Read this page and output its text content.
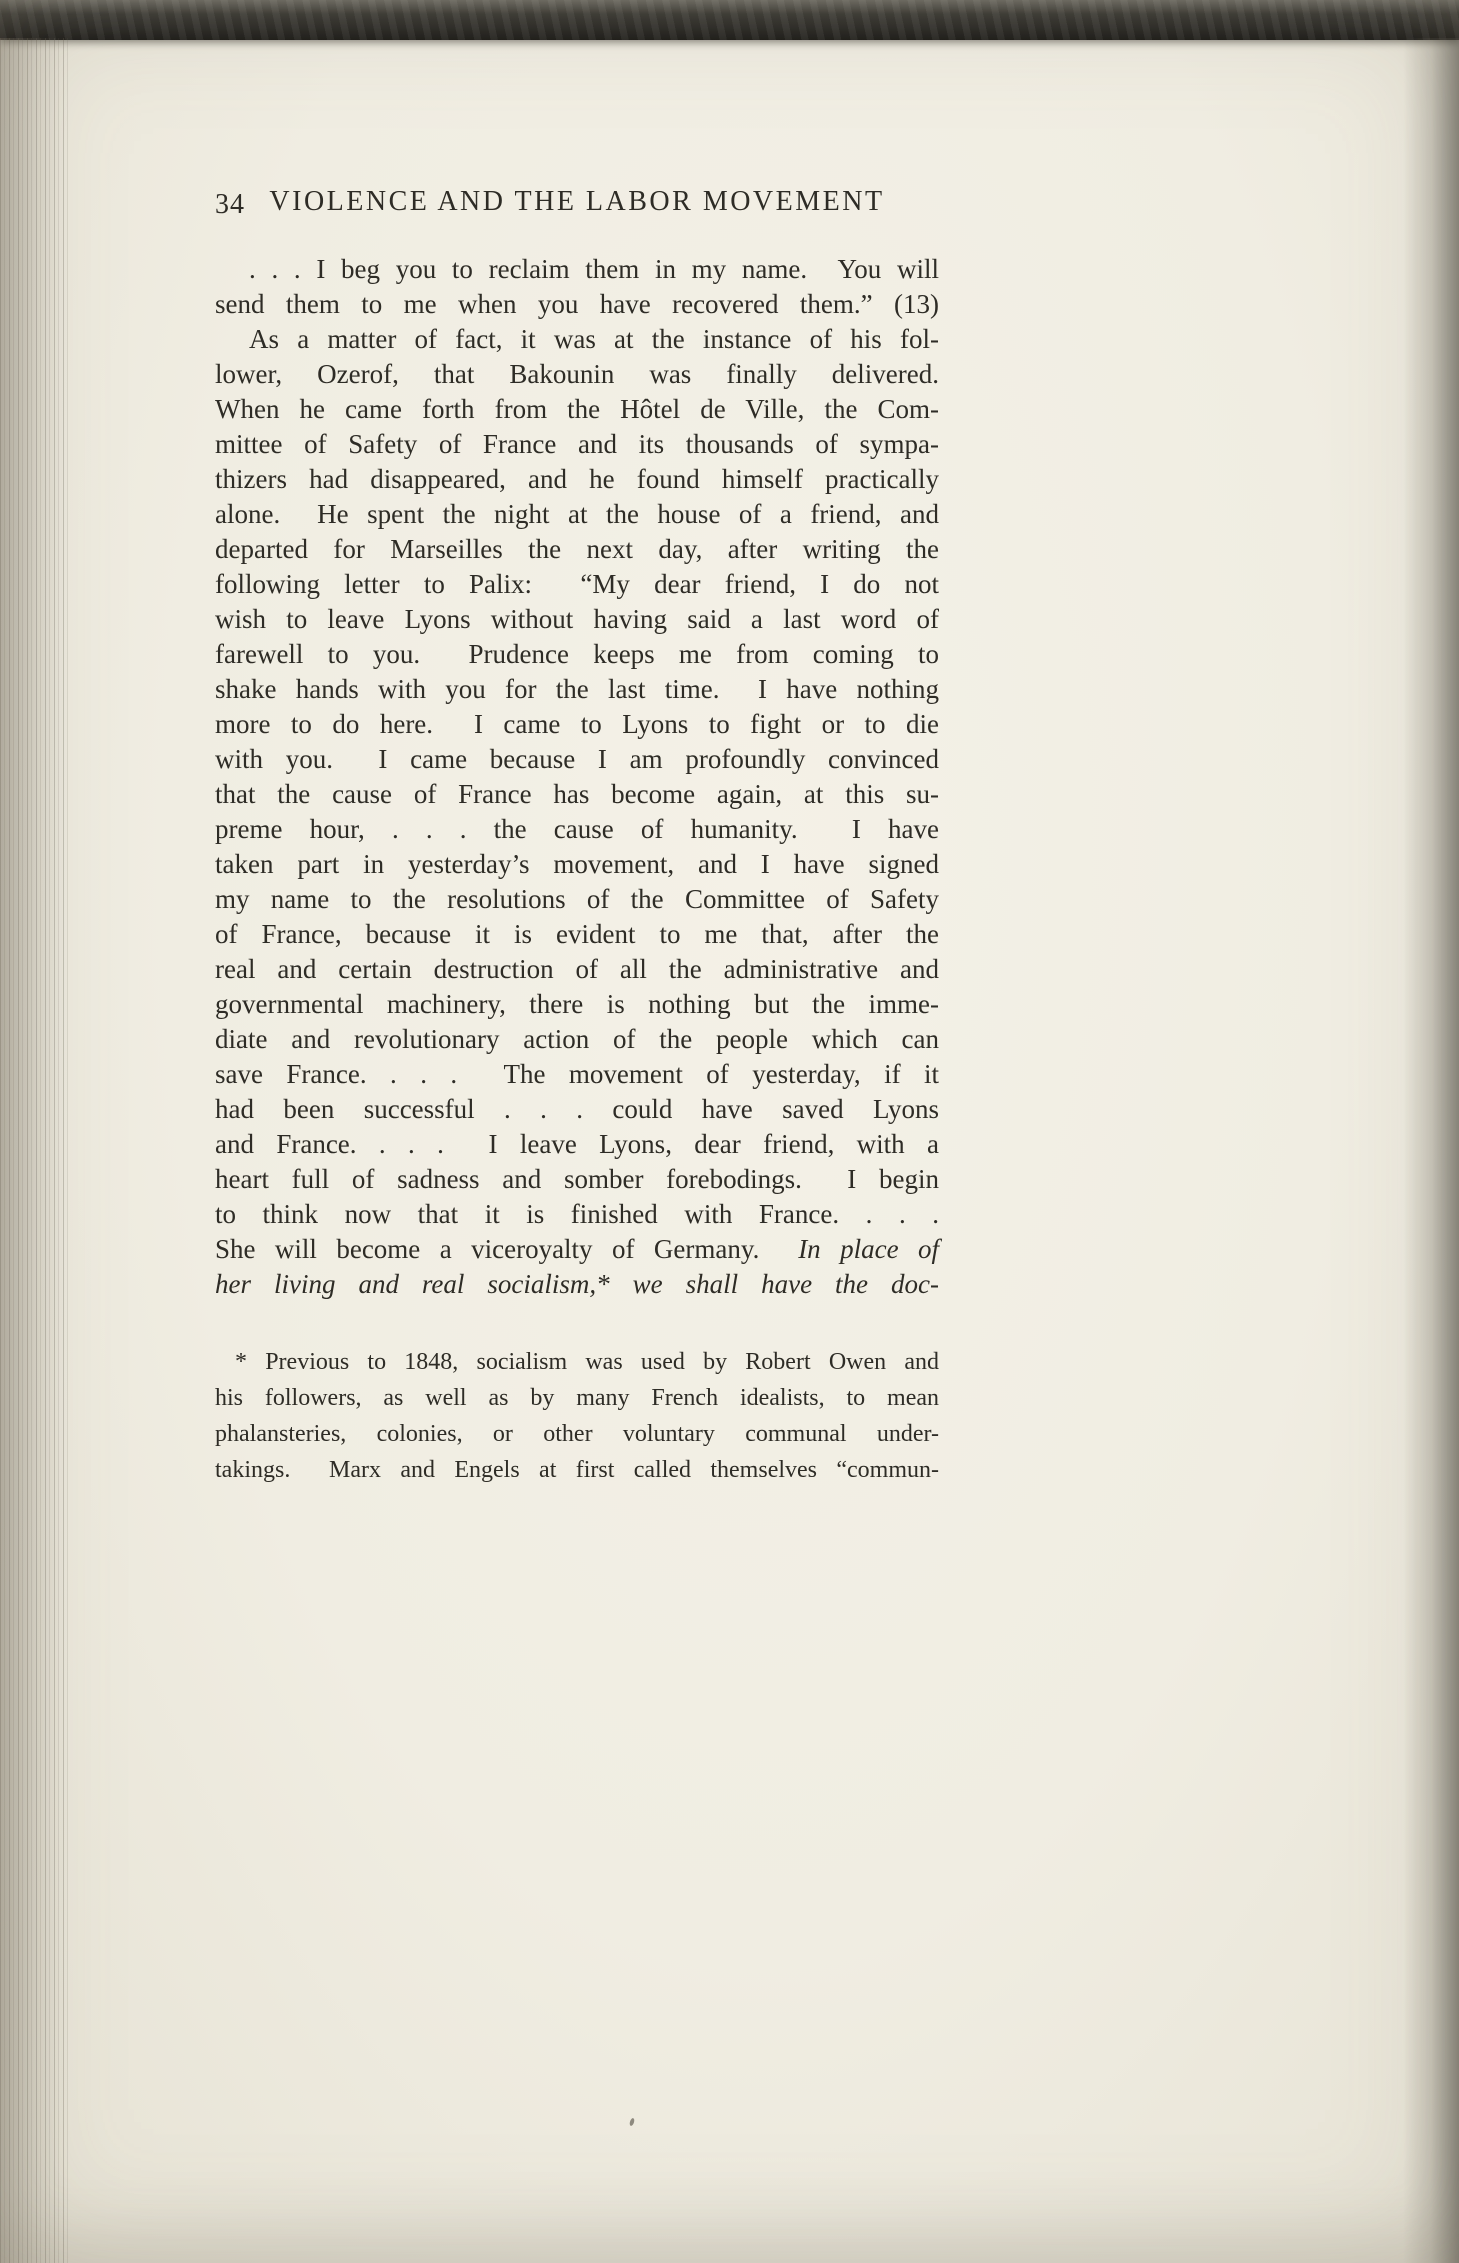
34 VIOLENCE AND THE LABOR MOVEMENT
. . . I beg you to reclaim them in my name.  You will
send them to me when you have recovered them.” (13)
As a matter of fact, it was at the instance of his fol-
lower, Ozerof, that Bakounin was finally delivered.
When he came forth from the Hôtel de Ville, the Com-
mittee of Safety of France and its thousands of sympa-
thizers had disappeared, and he found himself practically
alone.  He spent the night at the house of a friend, and
departed for Marseilles the next day, after writing the
following letter to Palix:  “My dear friend, I do not
wish to leave Lyons without having said a last word of
farewell to you.  Prudence keeps me from coming to
shake hands with you for the last time.  I have nothing
more to do here.  I came to Lyons to fight or to die
with you.  I came because I am profoundly convinced
that the cause of France has become again, at this su-
preme hour, . . . the cause of humanity.  I have
taken part in yesterday’s movement, and I have signed
my name to the resolutions of the Committee of Safety
of France, because it is evident to me that, after the
real and certain destruction of all the administrative and
governmental machinery, there is nothing but the imme-
diate and revolutionary action of the people which can
save France. . . .  The movement of yesterday, if it
had been successful . . . could have saved Lyons
and France. . . .  I leave Lyons, dear friend, with a
heart full of sadness and somber forebodings.  I begin
to think now that it is finished with France. . . .
She will become a viceroyalty of Germany.  In place of
her living and real socialism,* we shall have the doc-
* Previous to 1848, socialism was used by Robert Owen and
his followers, as well as by many French idealists, to mean
phalansteries, colonies, or other voluntary communal under-
takings.  Marx and Engels at first called themselves “commun-
